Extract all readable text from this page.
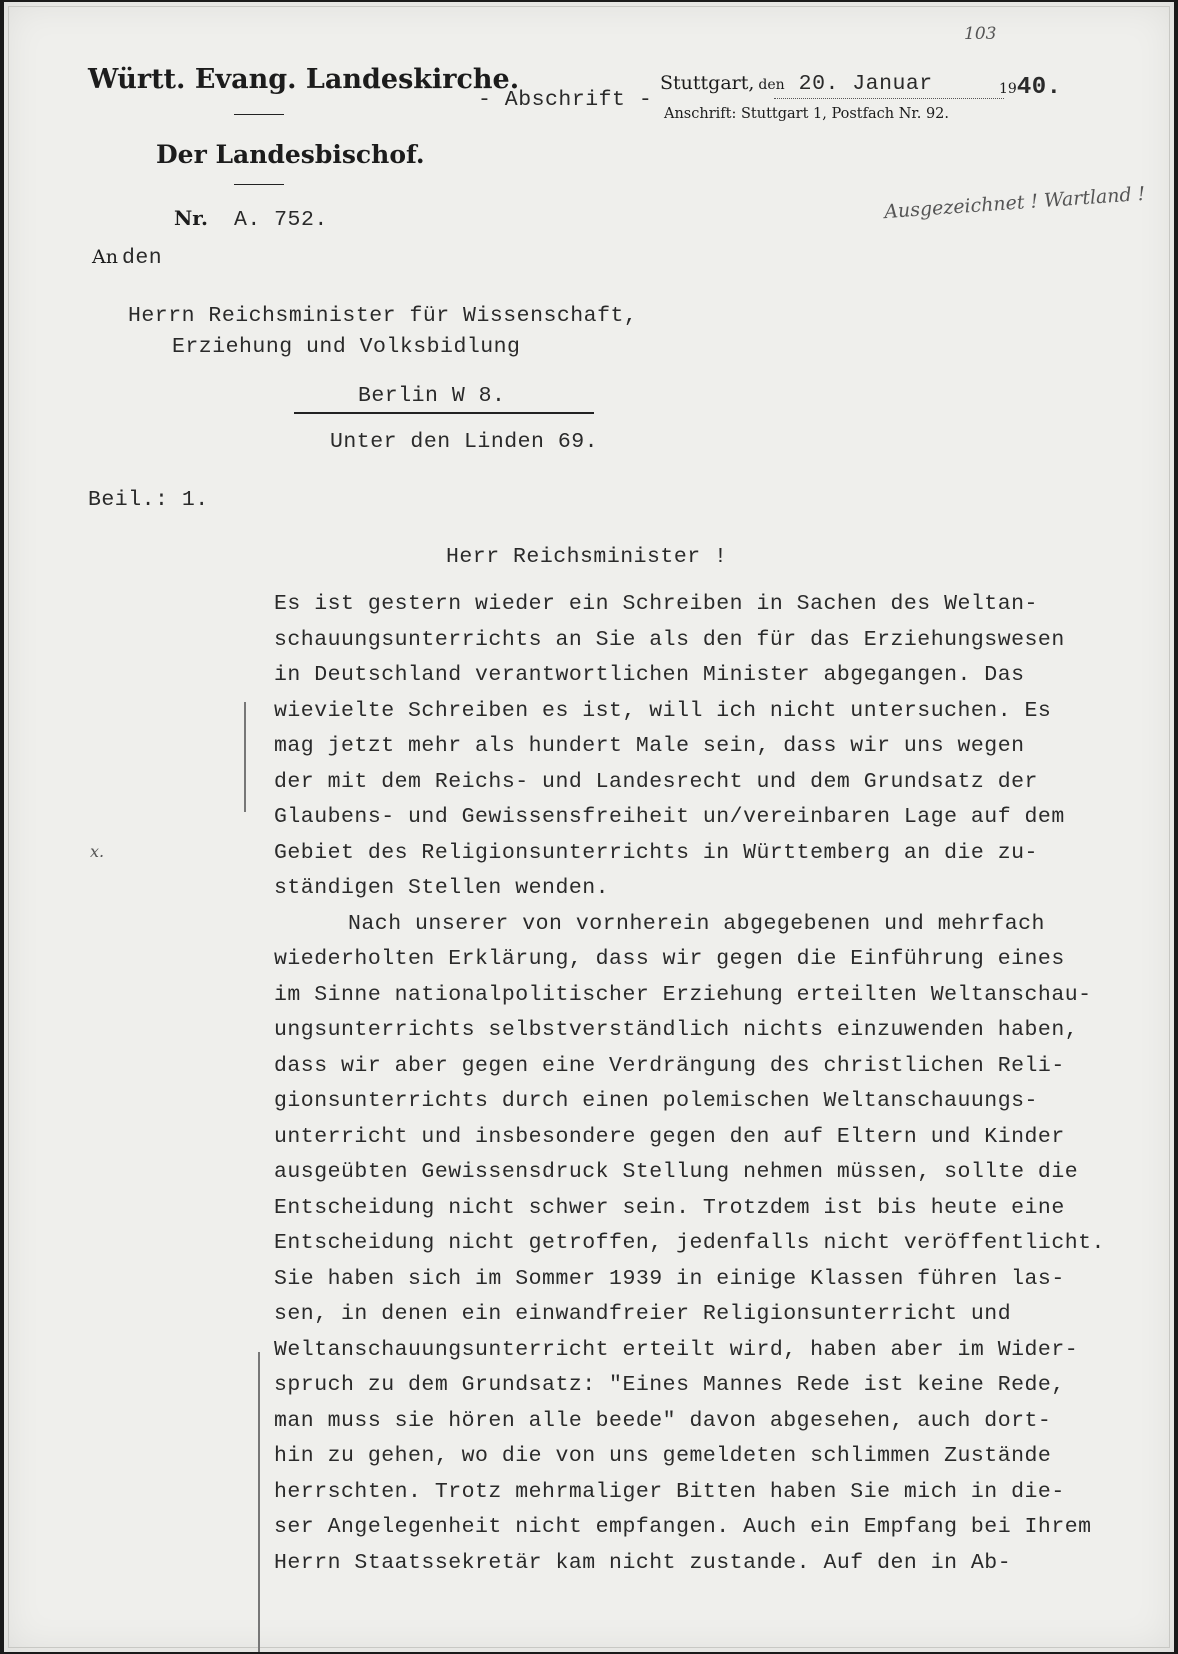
Württ. Evang. Landeskirche.
Der Landesbischof.
Nr. A. 752.
- Abschrift -
Stuttgart, den 20. Januar	19 40.
Anschrift: Stuttgart 1, Postfach Nr. 92.
103
Ausgezeichnet ! Wartland !
An den
Herrn Reichsminister für Wissenschaft,
Erziehung und Volksbidlung
Berlin W 8.
Unter den Linden 69.
Beil.: 1.
Herr Reichsminister !
Es ist gestern wieder ein Schreiben in Sachen des Weltan-
schauungsunterrichts an Sie als den für das Erziehungswesen
in Deutschland verantwortlichen Minister abgegangen. Das
wievielte Schreiben es ist, will ich nicht untersuchen. Es
mag jetzt mehr als hundert Male sein, dass wir uns wegen
der mit dem Reichs- und Landesrecht und dem Grundsatz der
Glaubens- und Gewissensfreiheit un/vereinbaren Lage auf dem
Gebiet des Religionsunterrichts in Württemberg an die zu-
ständigen Stellen wenden.
Nach unserer von vornherein abgegebenen und mehrfach
wiederholten Erklärung, dass wir gegen die Einführung eines
im Sinne nationalpolitischer Erziehung erteilten Weltanschau-
ungsunterrichts selbstverständlich nichts einzuwenden haben,
dass wir aber gegen eine Verdrängung des christlichen Reli-
gionsunterrichts durch einen polemischen Weltanschauungs-
unterricht und insbesondere gegen den auf Eltern und Kinder
ausgeübten Gewissensdruck Stellung nehmen müssen, sollte die
Entscheidung nicht schwer sein. Trotzdem ist bis heute eine
Entscheidung nicht getroffen, jedenfalls nicht veröffentlicht.
Sie haben sich im Sommer 1939 in einige Klassen führen las-
sen, in denen ein einwandfreier Religionsunterricht und
Weltanschauungsunterricht erteilt wird, haben aber im Wider-
spruch zu dem Grundsatz: "Eines Mannes Rede ist keine Rede,
man muss sie hören alle beede" davon abgesehen, auch dort-
hin zu gehen, wo die von uns gemeldeten schlimmen Zustände
herrschten. Trotz mehrmaliger Bitten haben Sie mich in die-
ser Angelegenheit nicht empfangen. Auch ein Empfang bei Ihrem
Herrn Staatssekretär kam nicht zustande. Auf den in Ab-
x.
